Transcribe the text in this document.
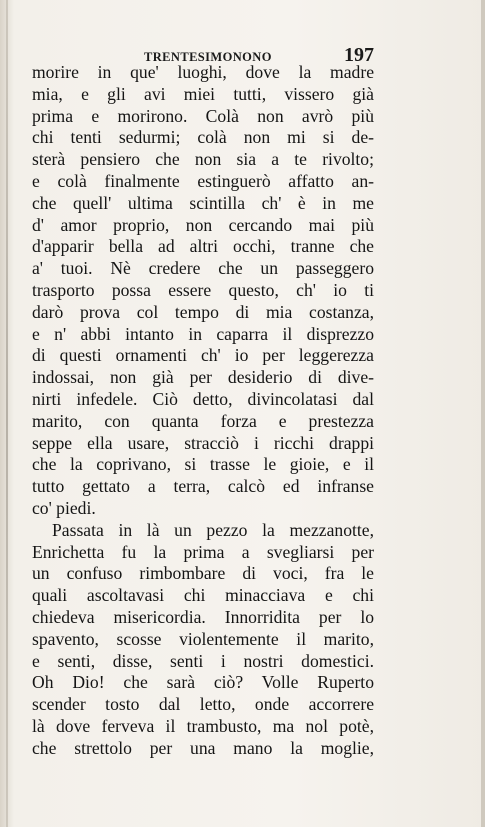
TRENTESIMONONO	197
morire in que' luoghi, dove la madre
mia, e gli avi miei tutti, vissero già
prima e morirono. Colà non avrò più
chi tenti sedurmi; colà non mi si de-
sterà pensiero che non sia a te rivolto;
e colà finalmente estinguerò affatto an-
che quell' ultima scintilla ch' è in me
d' amor proprio, non cercando mai più
d'apparir bella ad altri occhi, tranne che
a' tuoi. Nè credere che un passeggero
trasporto possa essere questo, ch' io ti
darò prova col tempo di mia costanza,
e n' abbi intanto in caparra il disprezzo
di questi ornamenti ch' io per leggerezza
indossai, non già per desiderio di dive-
nirti infedele. Ciò detto, divincolatasi dal
marito, con quanta forza e prestezza
seppe ella usare, stracciò i ricchi drappi
che la coprivano, si trasse le gioie, e il
tutto gettato a terra, calcò ed infranse
co' piedi.
Passata in là un pezzo la mezzanotte,
Enrichetta fu la prima a svegliarsi per
un confuso rimbombare di voci, fra le
quali ascoltavasi chi minacciava e chi
chiedeva misericordia. Innorridita per lo
spavento, scosse violentemente il marito,
e senti, disse, senti i nostri domestici.
Oh Dio! che sarà ciò? Volle Ruperto
scender tosto dal letto, onde accorrere
là dove ferveva il trambusto, ma nol potè,
che strettolo per una mano la moglie,
